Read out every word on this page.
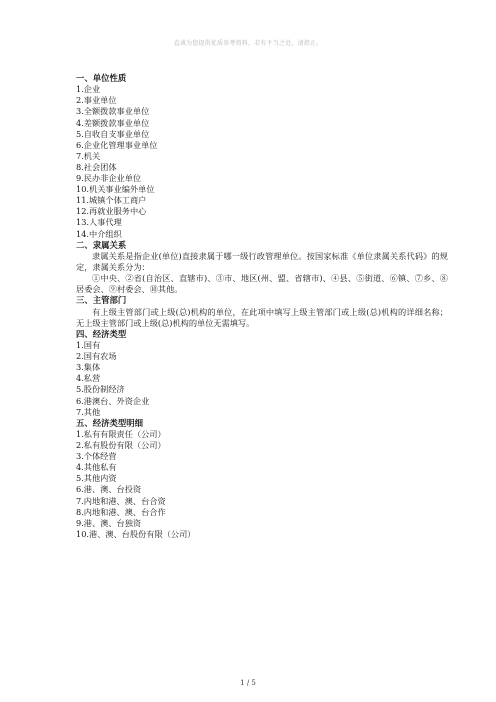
直诚为您提供优质参考资料，若有不当之处，请指正。
一、单位性质
1.企业
2.事业单位
3.全额拨款事业单位
4.差额拨款事业单位
5.自收自支事业单位
6.企业化管理事业单位
7.机关
8.社会团体
9.民办非企业单位
10.机关事业编外单位
11.城镇个体工商户
12.再就业服务中心
13.人事代理
14.中介组织
二、隶属关系
隶属关系是指企业(单位)直接隶属于哪一级行政管理单位。按国家标准《单位隶属关系代码》的规定，隶属关系分为：
①中央、②省(自治区、直辖市)、③市、地区(州、盟、省辖市)、④县、⑤街道、⑥镇、⑦乡、⑧居委会、⑨村委会、⑩其他。
三、主管部门
有上级主管部门或上级(总)机构的单位，在此项中填写上级主管部门或上级(总)机构的详细名称；无上级主管部门或上级(总)机构的单位无需填写。
四、经济类型
1.国有
2.国有农场
3.集体
4.私营
5.股份制经济
6.港澳台、外资企业
7.其他
五、经济类型明细
1.私有有限责任（公司）
2.私有股份有限（公司）
3.个体经营
4.其他私有
5.其他内资
6.港、澳、台投资
7.内地和港、澳、台合资
8.内地和港、澳、台合作
9.港、澳、台独资
10.港、澳、台股份有限（公司）
1 / 5
